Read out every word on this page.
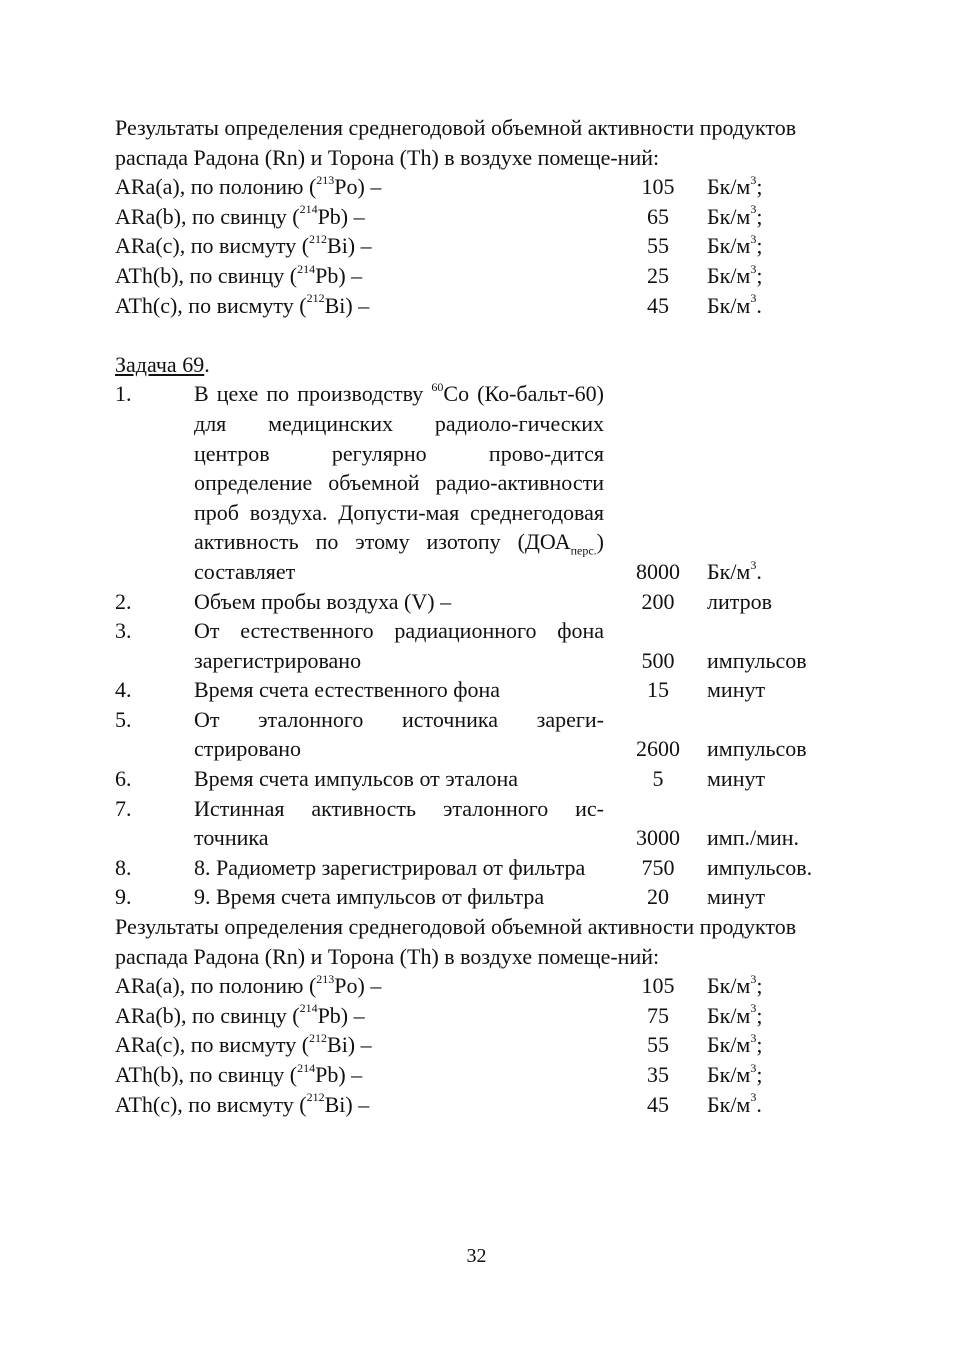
Результаты определения среднегодовой объемной активности продуктов распада Радона (Rn) и Торона (Th) в воздухе помеще-ний:
ARa(a), по полонию ($^{213}$Po) –	105	$Бк/м^3$;
ARa(b), по свинцу ($^{214}$Pb) –	65	$Бк/м^3$;
ARa(c), по висмуту ($^{212}$Bi) –	55	$Бк/м^3$;
ATh(b), по свинцу ($^{214}$Pb) –	25	$Бк/м^3$;
ATh(c), по висмуту ($^{212}$Bi) –	45	$Бк/м^3$.
Задача 69.
1.	В цехе по производству $^{60}$Co (Ко-бальт-60) для медицинских радиоло-гических центров регулярно прово-дится определение объемной радио-активности проб воздуха. Допусти-мая среднегодовая активность по этому изотопу $(ДОА_{перс.})$ составляет	8000	$Бк/м^3$.
2.	Объем пробы воздуха (V) –	200	литров
3.	От естественного радиационного фона зарегистрировано	500	импульсов
4.	Время счета естественного фона	15	минут
5.	От эталонного источника зареги-стрировано	2600	импульсов
6.	Время счета импульсов от эталона	5	минут
7.	Истинная активность эталонного ис-точника	3000	имп./мин.
8.	8. Радиометр зарегистрировал от фильтра	750	импульсов.
9.	9. Время счета импульсов от фильтра	20	минут
Результаты определения среднегодовой объемной активности продуктов распада Радона (Rn) и Торона (Th) в воздухе помеще-ний:
ARa(a), по полонию ($^{213}$Po) –	105	$Бк/м^3$;
ARa(b), по свинцу ($^{214}$Pb) –	75	$Бк/м^3$;
ARa(c), по висмуту ($^{212}$Bi) –	55	$Бк/м^3$;
ATh(b), по свинцу ($^{214}$Pb) –	35	$Бк/м^3$;
ATh(c), по висмуту ($^{212}$Bi) –	45	$Бк/м^3$.
32
